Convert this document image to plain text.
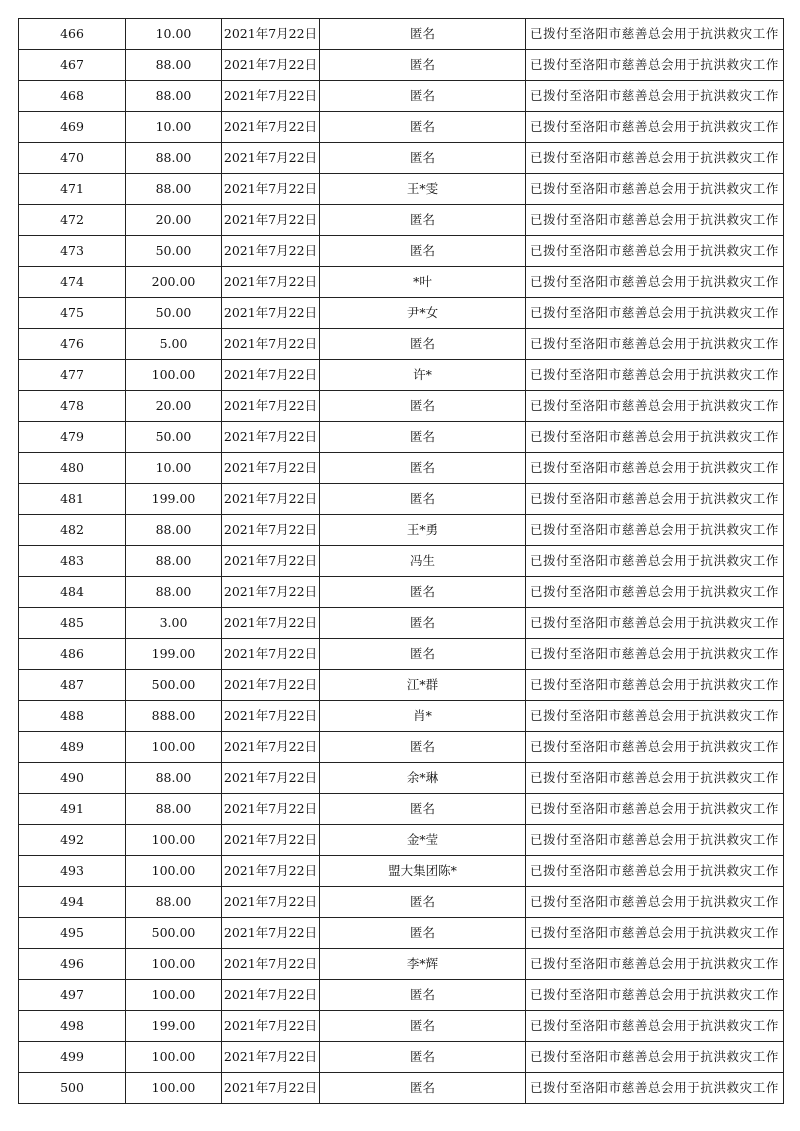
466	10.00	2021年7月22日	匿名	已拨付至洛阳市慈善总会用于抗洪救灾工作
467	88.00	2021年7月22日	匿名	已拨付至洛阳市慈善总会用于抗洪救灾工作
468	88.00	2021年7月22日	匿名	已拨付至洛阳市慈善总会用于抗洪救灾工作
469	10.00	2021年7月22日	匿名	已拨付至洛阳市慈善总会用于抗洪救灾工作
470	88.00	2021年7月22日	匿名	已拨付至洛阳市慈善总会用于抗洪救灾工作
471	88.00	2021年7月22日	王*雯	已拨付至洛阳市慈善总会用于抗洪救灾工作
472	20.00	2021年7月22日	匿名	已拨付至洛阳市慈善总会用于抗洪救灾工作
473	50.00	2021年7月22日	匿名	已拨付至洛阳市慈善总会用于抗洪救灾工作
474	200.00	2021年7月22日	*叶	已拨付至洛阳市慈善总会用于抗洪救灾工作
475	50.00	2021年7月22日	尹*女	已拨付至洛阳市慈善总会用于抗洪救灾工作
476	5.00	2021年7月22日	匿名	已拨付至洛阳市慈善总会用于抗洪救灾工作
477	100.00	2021年7月22日	许*	已拨付至洛阳市慈善总会用于抗洪救灾工作
478	20.00	2021年7月22日	匿名	已拨付至洛阳市慈善总会用于抗洪救灾工作
479	50.00	2021年7月22日	匿名	已拨付至洛阳市慈善总会用于抗洪救灾工作
480	10.00	2021年7月22日	匿名	已拨付至洛阳市慈善总会用于抗洪救灾工作
481	199.00	2021年7月22日	匿名	已拨付至洛阳市慈善总会用于抗洪救灾工作
482	88.00	2021年7月22日	王*勇	已拨付至洛阳市慈善总会用于抗洪救灾工作
483	88.00	2021年7月22日	冯生	已拨付至洛阳市慈善总会用于抗洪救灾工作
484	88.00	2021年7月22日	匿名	已拨付至洛阳市慈善总会用于抗洪救灾工作
485	3.00	2021年7月22日	匿名	已拨付至洛阳市慈善总会用于抗洪救灾工作
486	199.00	2021年7月22日	匿名	已拨付至洛阳市慈善总会用于抗洪救灾工作
487	500.00	2021年7月22日	江*群	已拨付至洛阳市慈善总会用于抗洪救灾工作
488	888.00	2021年7月22日	肖*	已拨付至洛阳市慈善总会用于抗洪救灾工作
489	100.00	2021年7月22日	匿名	已拨付至洛阳市慈善总会用于抗洪救灾工作
490	88.00	2021年7月22日	余*琳	已拨付至洛阳市慈善总会用于抗洪救灾工作
491	88.00	2021年7月22日	匿名	已拨付至洛阳市慈善总会用于抗洪救灾工作
492	100.00	2021年7月22日	金*莹	已拨付至洛阳市慈善总会用于抗洪救灾工作
493	100.00	2021年7月22日	盟大集团陈*	已拨付至洛阳市慈善总会用于抗洪救灾工作
494	88.00	2021年7月22日	匿名	已拨付至洛阳市慈善总会用于抗洪救灾工作
495	500.00	2021年7月22日	匿名	已拨付至洛阳市慈善总会用于抗洪救灾工作
496	100.00	2021年7月22日	李*辉	已拨付至洛阳市慈善总会用于抗洪救灾工作
497	100.00	2021年7月22日	匿名	已拨付至洛阳市慈善总会用于抗洪救灾工作
498	199.00	2021年7月22日	匿名	已拨付至洛阳市慈善总会用于抗洪救灾工作
499	100.00	2021年7月22日	匿名	已拨付至洛阳市慈善总会用于抗洪救灾工作
500	100.00	2021年7月22日	匿名	已拨付至洛阳市慈善总会用于抗洪救灾工作
